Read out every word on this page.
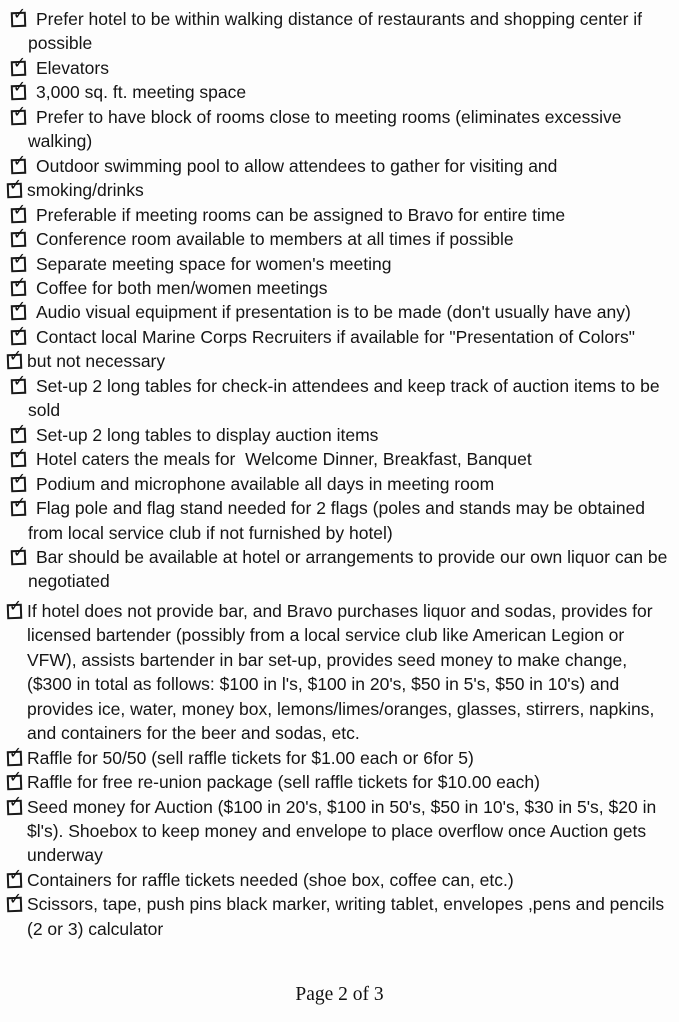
✓ Prefer hotel to be within walking distance of restaurants and shopping center if possible
✓ Elevators
✓ 3,000 sq. ft. meeting space
✓ Prefer to have block of rooms close to meeting rooms (eliminates excessive walking)
✓ Outdoor swimming pool to allow attendees to gather for visiting and
✓ smoking/drinks
✓ Preferable if meeting rooms can be assigned to Bravo for entire time
✓ Conference room available to members at all times if possible
✓ Separate meeting space for women's meeting
✓ Coffee for both men/women meetings
✓ Audio visual equipment if presentation is to be made (don't usually have any)
✓ Contact local Marine Corps Recruiters if available for "Presentation of Colors"
✓ but not necessary
✓ Set-up 2 long tables for check-in attendees and keep track of auction items to be sold
✓ Set-up 2 long tables to display auction items
✓ Hotel caters the meals for  Welcome Dinner, Breakfast, Banquet
✓ Podium and microphone available all days in meeting room
✓ Flag pole and flag stand needed for 2 flags (poles and stands may be obtained from local service club if not furnished by hotel)
✓ Bar should be available at hotel or arrangements to provide our own liquor can be negotiated
✓ If hotel does not provide bar, and Bravo purchases liquor and sodas, provides for licensed bartender (possibly from a local service club like American Legion or VFW), assists bartender in bar set-up, provides seed money to make change, ($300 in total as follows: $100 in l's, $100 in 20's, $50 in 5's, $50 in 10's) and provides ice, water, money box, lemons/limes/oranges, glasses, stirrers, napkins, and containers for the beer and sodas, etc.
✓ Raffle for 50/50 (sell raffle tickets for $1.00 each or 6for 5)
✓ Raffle for free re-union package (sell raffle tickets for $10.00 each)
✓ Seed money for Auction ($100 in 20's, $100 in 50's, $50 in 10's, $30 in 5's, $20 in $l's). Shoebox to keep money and envelope to place overflow once Auction gets underway
✓ Containers for raffle tickets needed (shoe box, coffee can, etc.)
✓ Scissors, tape, push pins black marker, writing tablet, envelopes ,pens and pencils (2 or 3) calculator
Page 2 of 3
